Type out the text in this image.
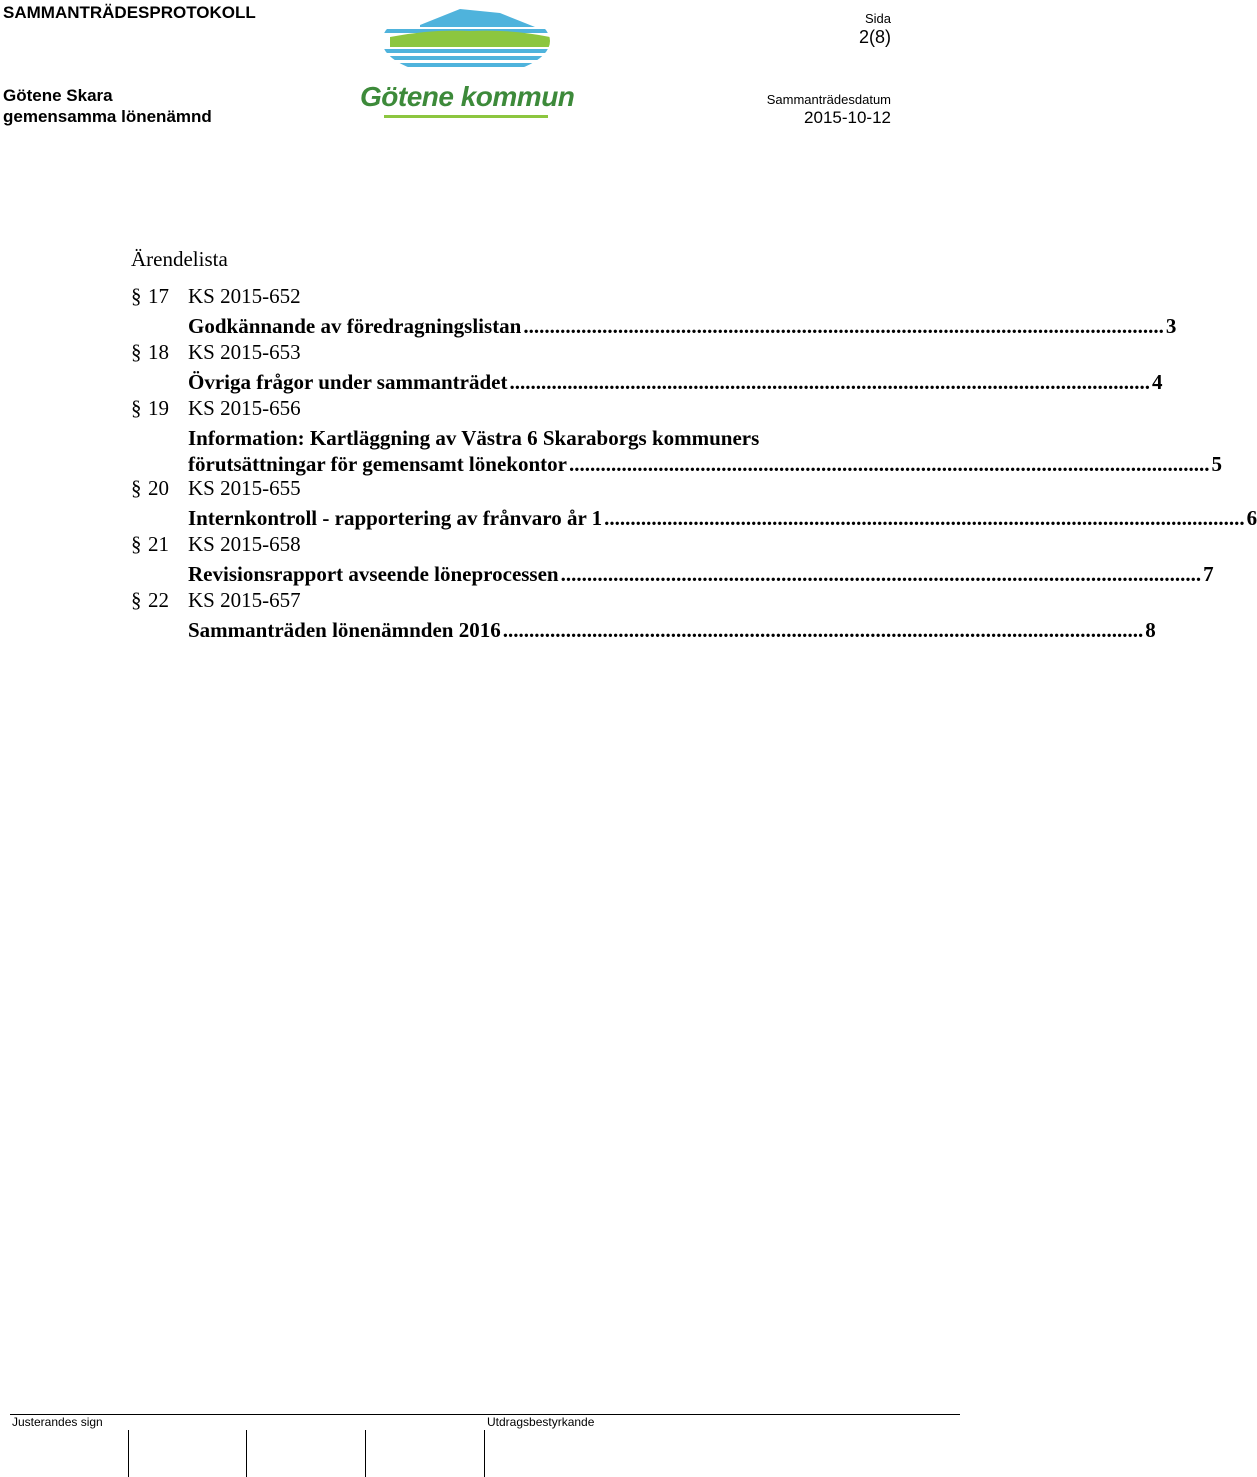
SAMMANTRÄDESPROTOKOLL
Götene Skara
gemensamma lönenämnd
Götene kommun
Sida
2(8)
Sammanträdesdatum
2015-10-12
Ärendelista
§ 17 KS 2015-652
Godkännande av föredragningslistan .......................................................................................................................... 3
§ 18 KS 2015-653
Övriga frågor under sammanträdet .......................................................................................................................... 4
§ 19 KS 2015-656
Information: Kartläggning av Västra 6 Skaraborgs kommuners
förutsättningar för gemensamt lönekontor .......................................................................................................................... 5
§ 20 KS 2015-655
Internkontroll - rapportering av frånvaro år 1 .......................................................................................................................... 6
§ 21 KS 2015-658
Revisionsrapport avseende löneprocessen .......................................................................................................................... 7
§ 22 KS 2015-657
Sammanträden lönenämnden 2016 .......................................................................................................................... 8
Justerandes sign	Utdragsbestyrkande
